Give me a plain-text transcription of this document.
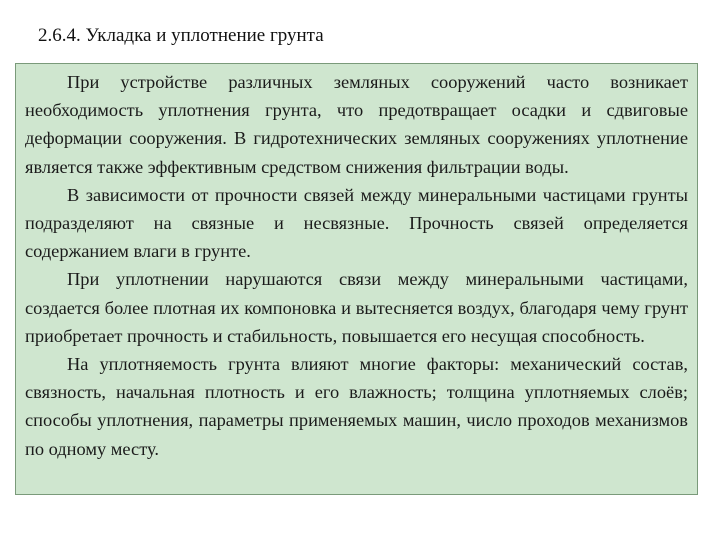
2.6.4. Укладка и уплотнение грунта

При устройстве различных земляных сооружений часто возникает необходимость уплотнения грунта, что предотвращает осадки и сдвиговые деформации сооружения. В гидротехнических земляных сооружениях уплотнение является также эффективным средством снижения фильтрации воды.

В зависимости от прочности связей между минеральными частицами грунты подразделяют на связные и несвязные. Прочность связей определяется содержанием влаги в грунте.

При уплотнении нарушаются связи между минеральными частицами, создается более плотная их компоновка и вытесняется воздух, благодаря чему грунт приобретает прочность и стабильность, повышается его несущая способность.

На уплотняемость грунта влияют многие факторы: механический состав, связность, начальная плотность и его влажность; толщина уплотняемых слоёв; способы уплотнения, параметры применяемых машин, число проходов механизмов по одному месту.
